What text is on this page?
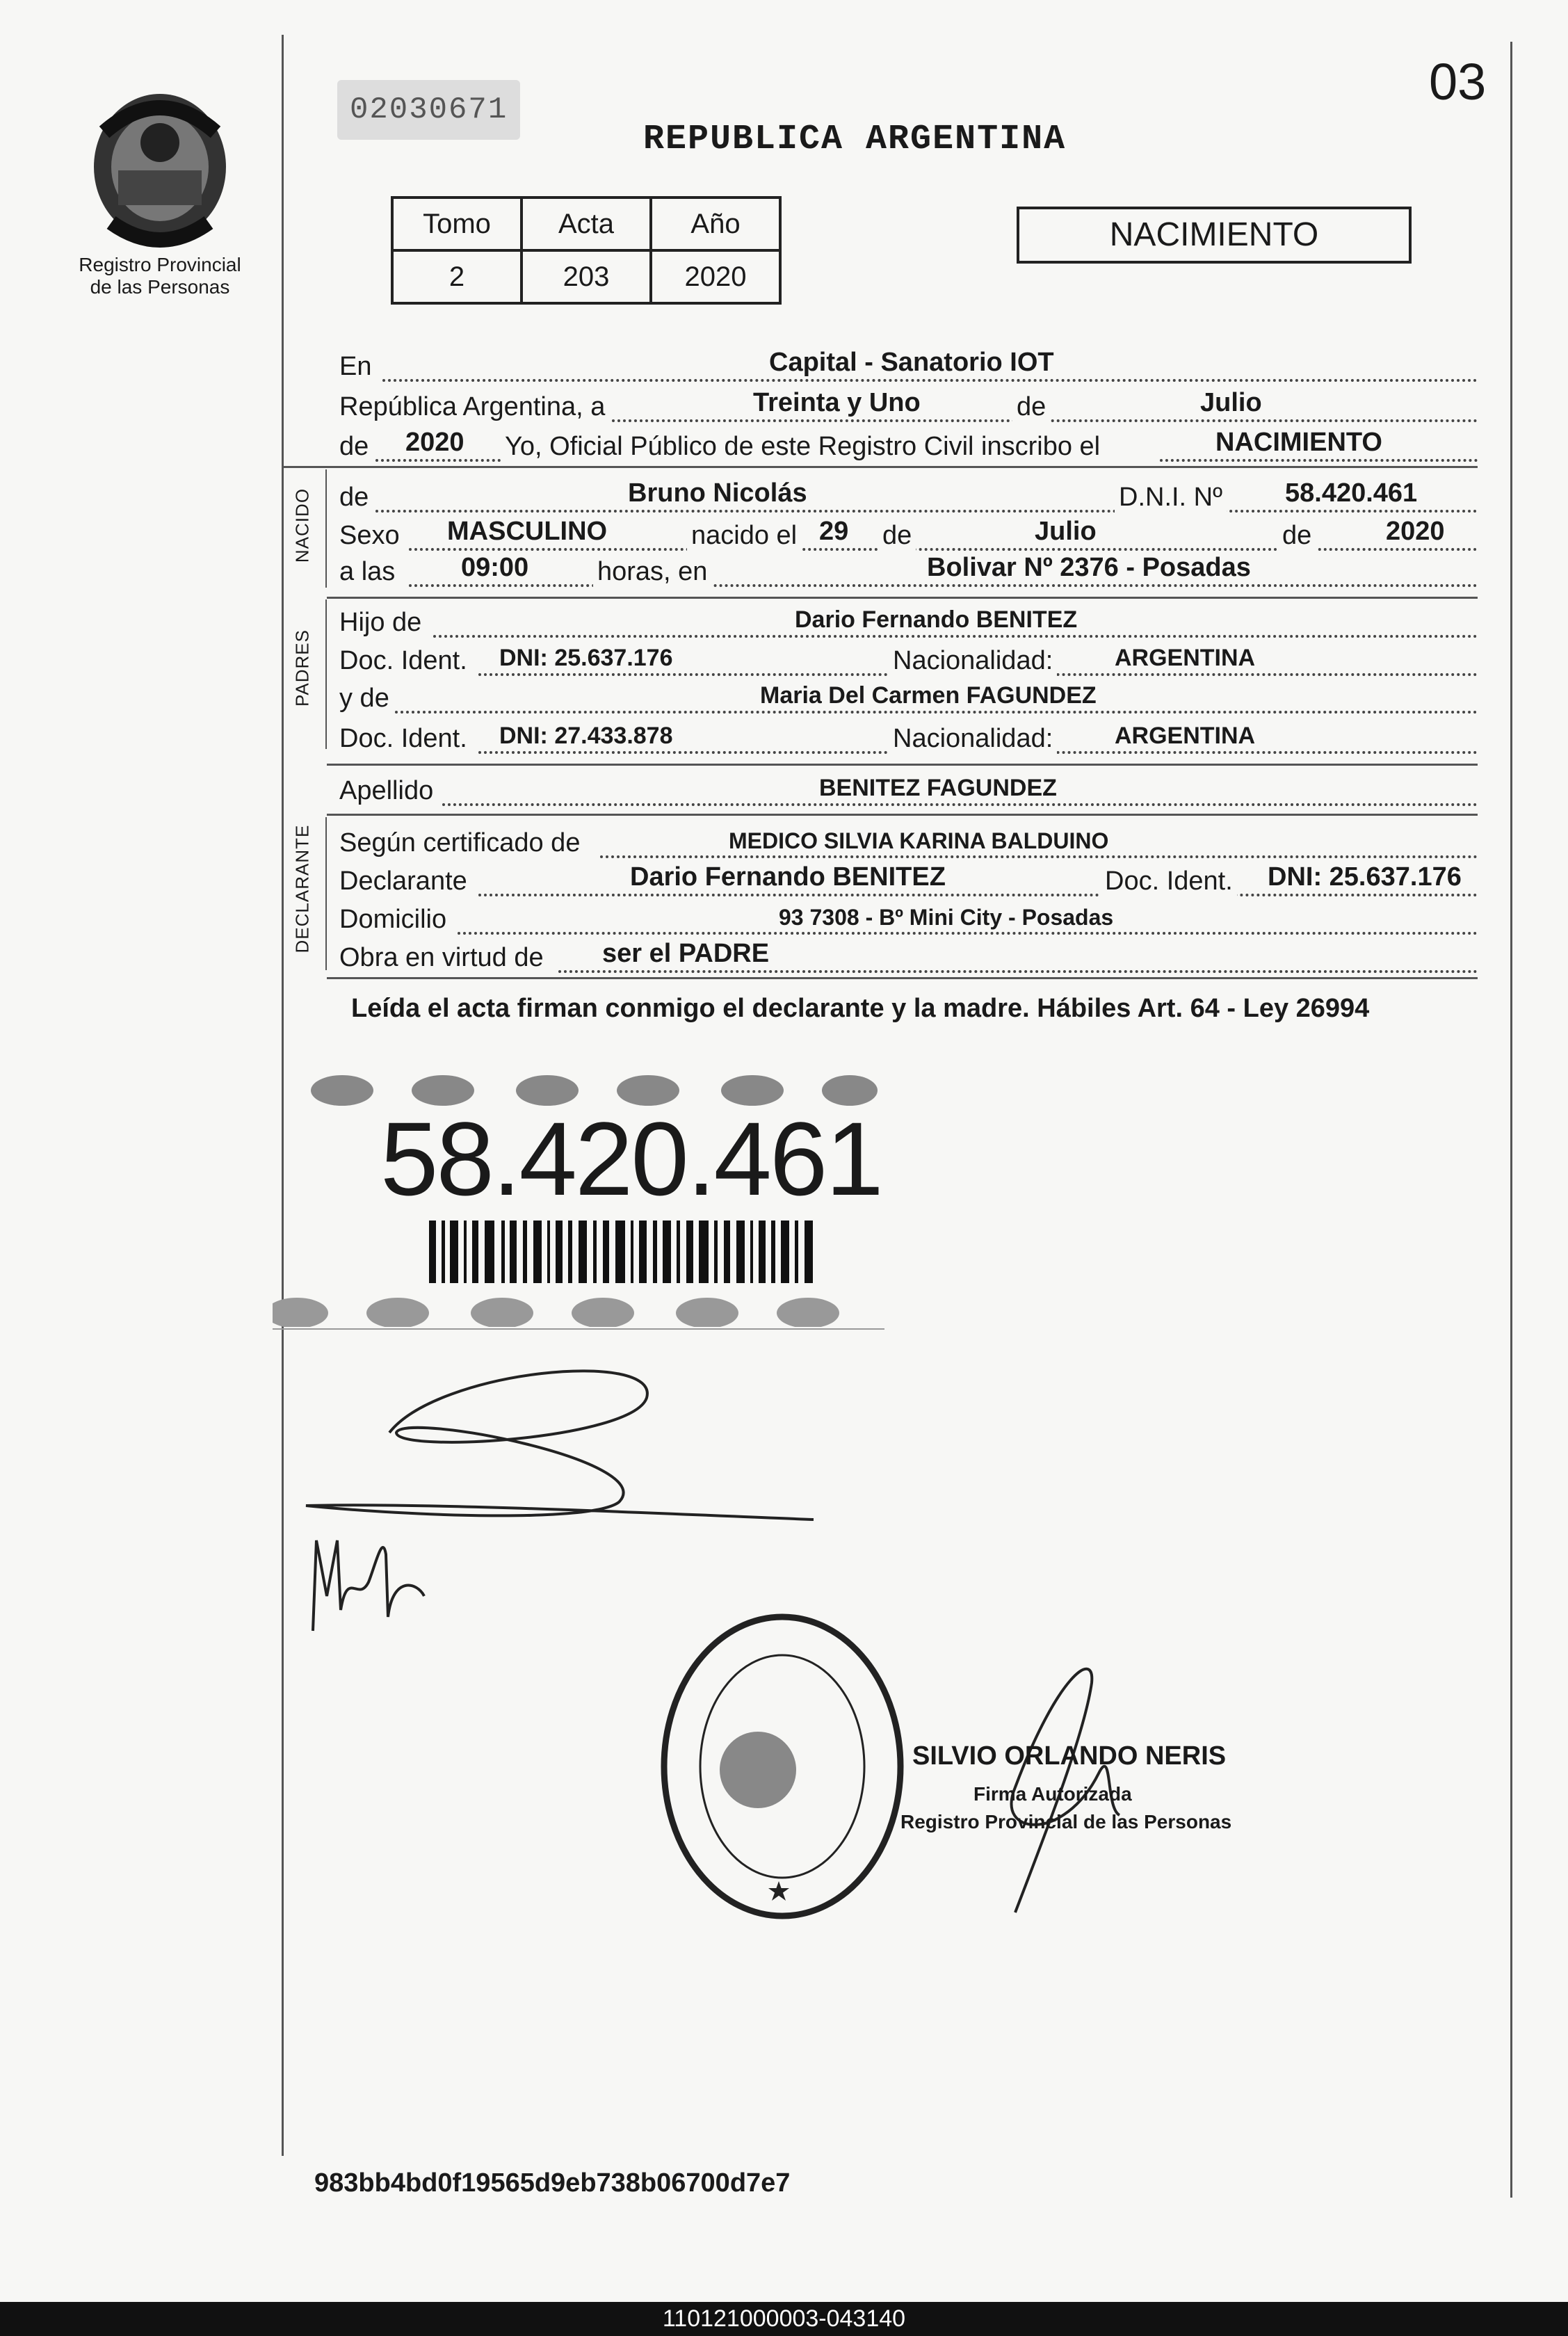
Registro Provincial
de las Personas
03
02030671
REPUBLICA ARGENTINA
Tomo	Acta	Año
2	203	2020
NACIMIENTO
En	Capital - Sanatorio IOT
República Argentina, a	Treinta y Uno	de	Julio
de 2020 Yo, Oficial Público de este Registro Civil inscribo el	NACIMIENTO
NACIDO de	Bruno Nicolás	D.N.I. Nº 58.420.461
Sexo MASCULINO	nacido el 29 de	Julio	de	2020
a las 09:00	horas, en	Bolivar Nº 2376 - Posadas
PADRES
Hijo de	Dario Fernando BENITEZ
Doc. Ident. DNI: 25.637.176	Nacionalidad:	ARGENTINA
y de	Maria Del Carmen FAGUNDEZ
Doc. Ident. DNI: 27.433.878	Nacionalidad:	ARGENTINA
Apellido	BENITEZ FAGUNDEZ
DECLARANTE Según certificado de	MEDICO SILVIA KARINA BALDUINO
Declarante	Dario Fernando BENITEZ	Doc. Ident. DNI: 25.637.176
Domicilio	93 7308 - Bº Mini City - Posadas
Obra en virtud de ser el PADRE
Leída el acta firman conmigo el declarante y la madre. Hábiles Art. 64 - Ley 26994
58.420.461
SILVIO ORLANDO NERIS
Firma Autorizada
Registro Provincial de las Personas
983bb4bd0f19565d9eb738b06700d7e7
110121000003-043140
